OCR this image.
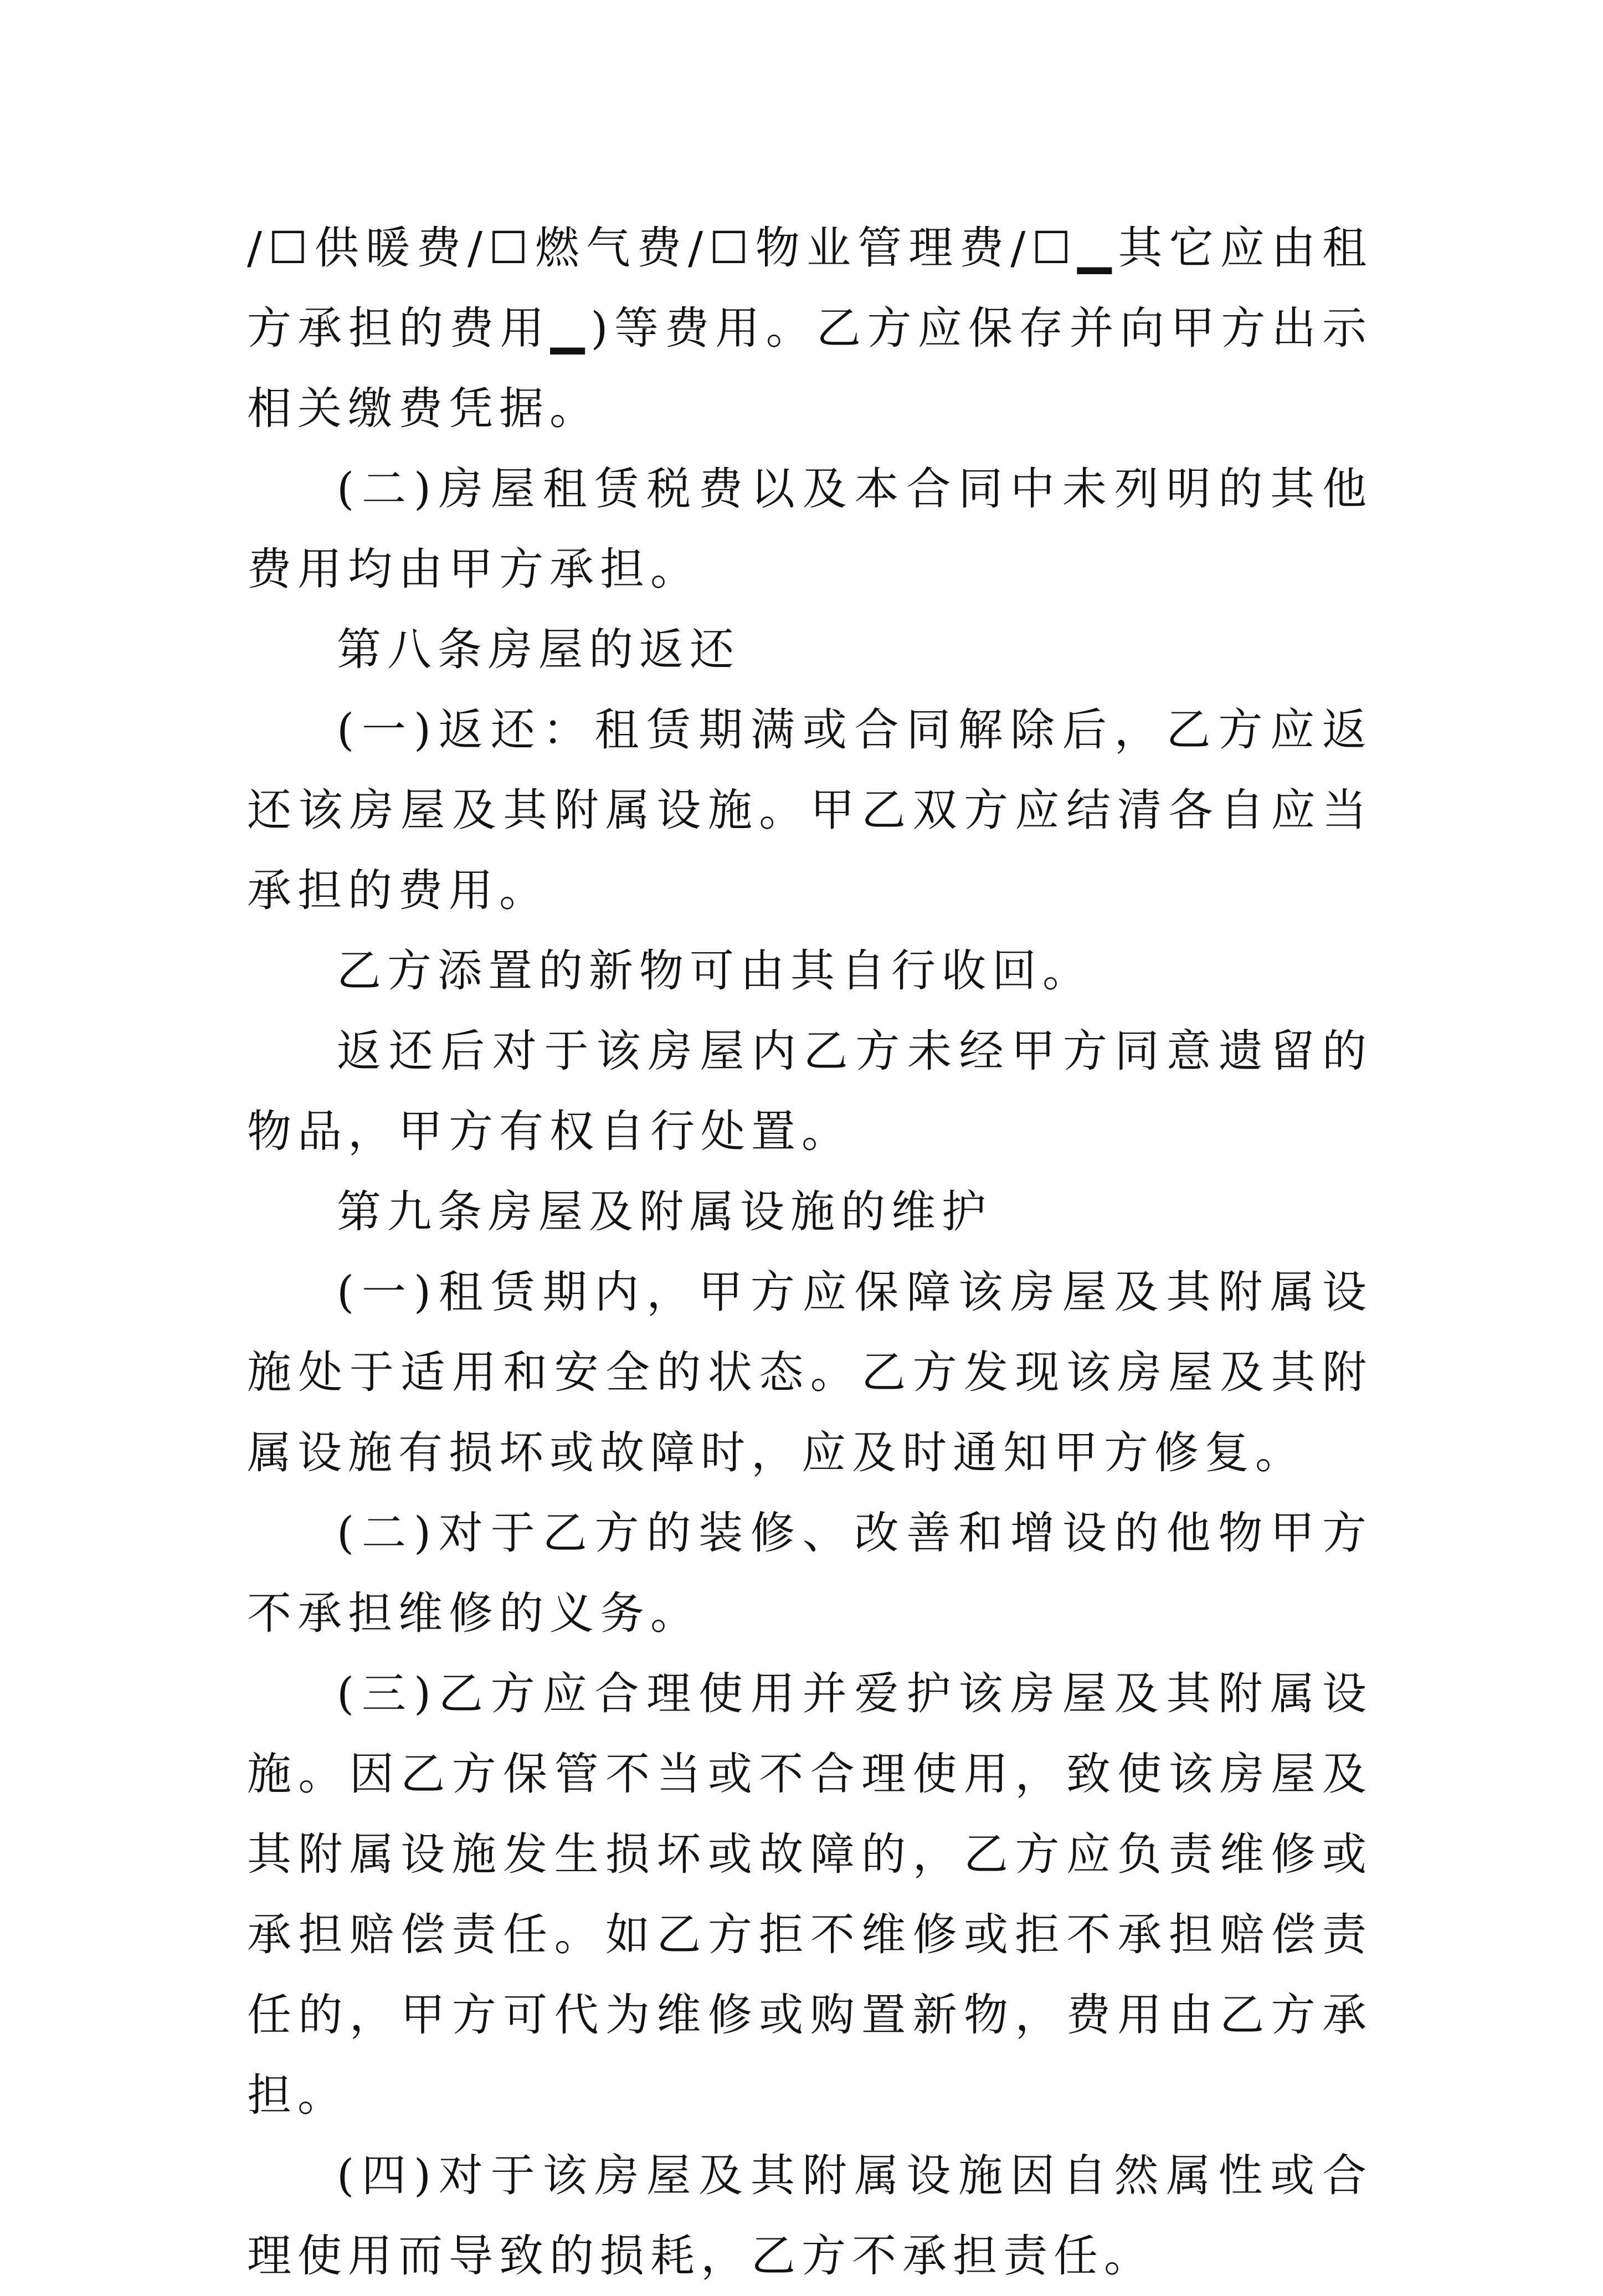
/☐供暖费/☐燃气费/☐物业管理费/☐▁其它应由租方承担的费用▁)等费用。乙方应保存并向甲方出示相关缴费凭据。

(二)房屋租赁税费以及本合同中未列明的其他费用均由甲方承担。

第八条房屋的返还

(一)返还：租赁期满或合同解除后，乙方应返还该房屋及其附属设施。甲乙双方应结清各自应当承担的费用。

乙方添置的新物可由其自行收回。

返还后对于该房屋内乙方未经甲方同意遗留的物品，甲方有权自行处置。

第九条房屋及附属设施的维护

(一)租赁期内，甲方应保障该房屋及其附属设施处于适用和安全的状态。乙方发现该房屋及其附属设施有损坏或故障时，应及时通知甲方修复。

(二)对于乙方的装修、改善和增设的他物甲方不承担维修的义务。

(三)乙方应合理使用并爱护该房屋及其附属设施。因乙方保管不当或不合理使用，致使该房屋及其附属设施发生损坏或故障的，乙方应负责维修或承担赔偿责任。如乙方拒不维修或拒不承担赔偿责任的，甲方可代为维修或购置新物，费用由乙方承担。

(四)对于该房屋及其附属设施因自然属性或合理使用而导致的损耗，乙方不承担责任。
